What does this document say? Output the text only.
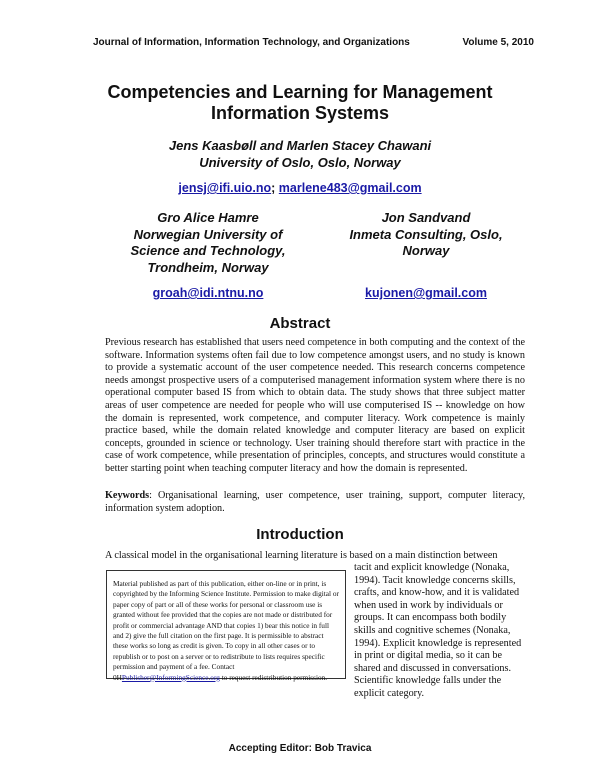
Journal of Information, Information Technology, and Organizations	Volume 5, 2010
Competencies and Learning for Management
Information Systems
Jens Kaasbøll and Marlen Stacey Chawani
University of Oslo, Oslo, Norway
jensj@ifi.uio.no; marlene483@gmail.com
Gro Alice Hamre
Norwegian University of
Science and Technology,
Trondheim, Norway
Jon Sandvand
Inmeta Consulting, Oslo,
Norway
groah@idi.ntnu.no	kujonen@gmail.com
Abstract
Previous research has established that users need competence in both computing and the context of the software. Information systems often fail due to low competence amongst users, and no study is known to provide a systematic account of the user competence needed. This research concerns competence needs amongst prospective users of a computerised management information system where there is no operational computer based IS from which to obtain data. The study shows that three subject matter areas of user competence are needed for people who will use computerised IS -- knowledge on how the domain is represented, work competence, and computer literacy. Work competence is mainly practice based, while the domain related knowledge and computer literacy are based on explicit concepts, grounded in science or technology. User training should therefore start with practice in the case of work competence, while presentation of principles, concepts, and structures would constitute a better starting point when teaching computer literacy and how the domain is represented.
Keywords: Organisational learning, user competence, user training, support, computer literacy, information system adoption.
Introduction
A classical model in the organisational learning literature is based on a main distinction between
tacit and explicit knowledge (Nonaka, 1994). Tacit knowledge concerns skills, crafts, and know-how, and it is validated when used in work by individuals or groups. It can encompass both bodily skills and cognitive schemes (Nonaka, 1994). Explicit knowledge is represented in print or digital media, so it can be shared and discussed in conversations. Scientific knowledge falls under the explicit category.
Material published as part of this publication, either on-line or in print, is copyrighted by the Informing Science Institute. Permission to make digital or paper copy of part or all of these works for personal or classroom use is granted without fee provided that the copies are not made or distributed for profit or commercial advantage AND that copies 1) bear this notice in full and 2) give the full citation on the first page. It is permissible to abstract these works so long as credit is given. To copy in all other cases or to republish or to post on a server or to redistribute to lists requires specific permission and payment of a fee. Contact 0HPublisher@InformingScience.org to request redistribution permission.
Accepting Editor: Bob Travica
